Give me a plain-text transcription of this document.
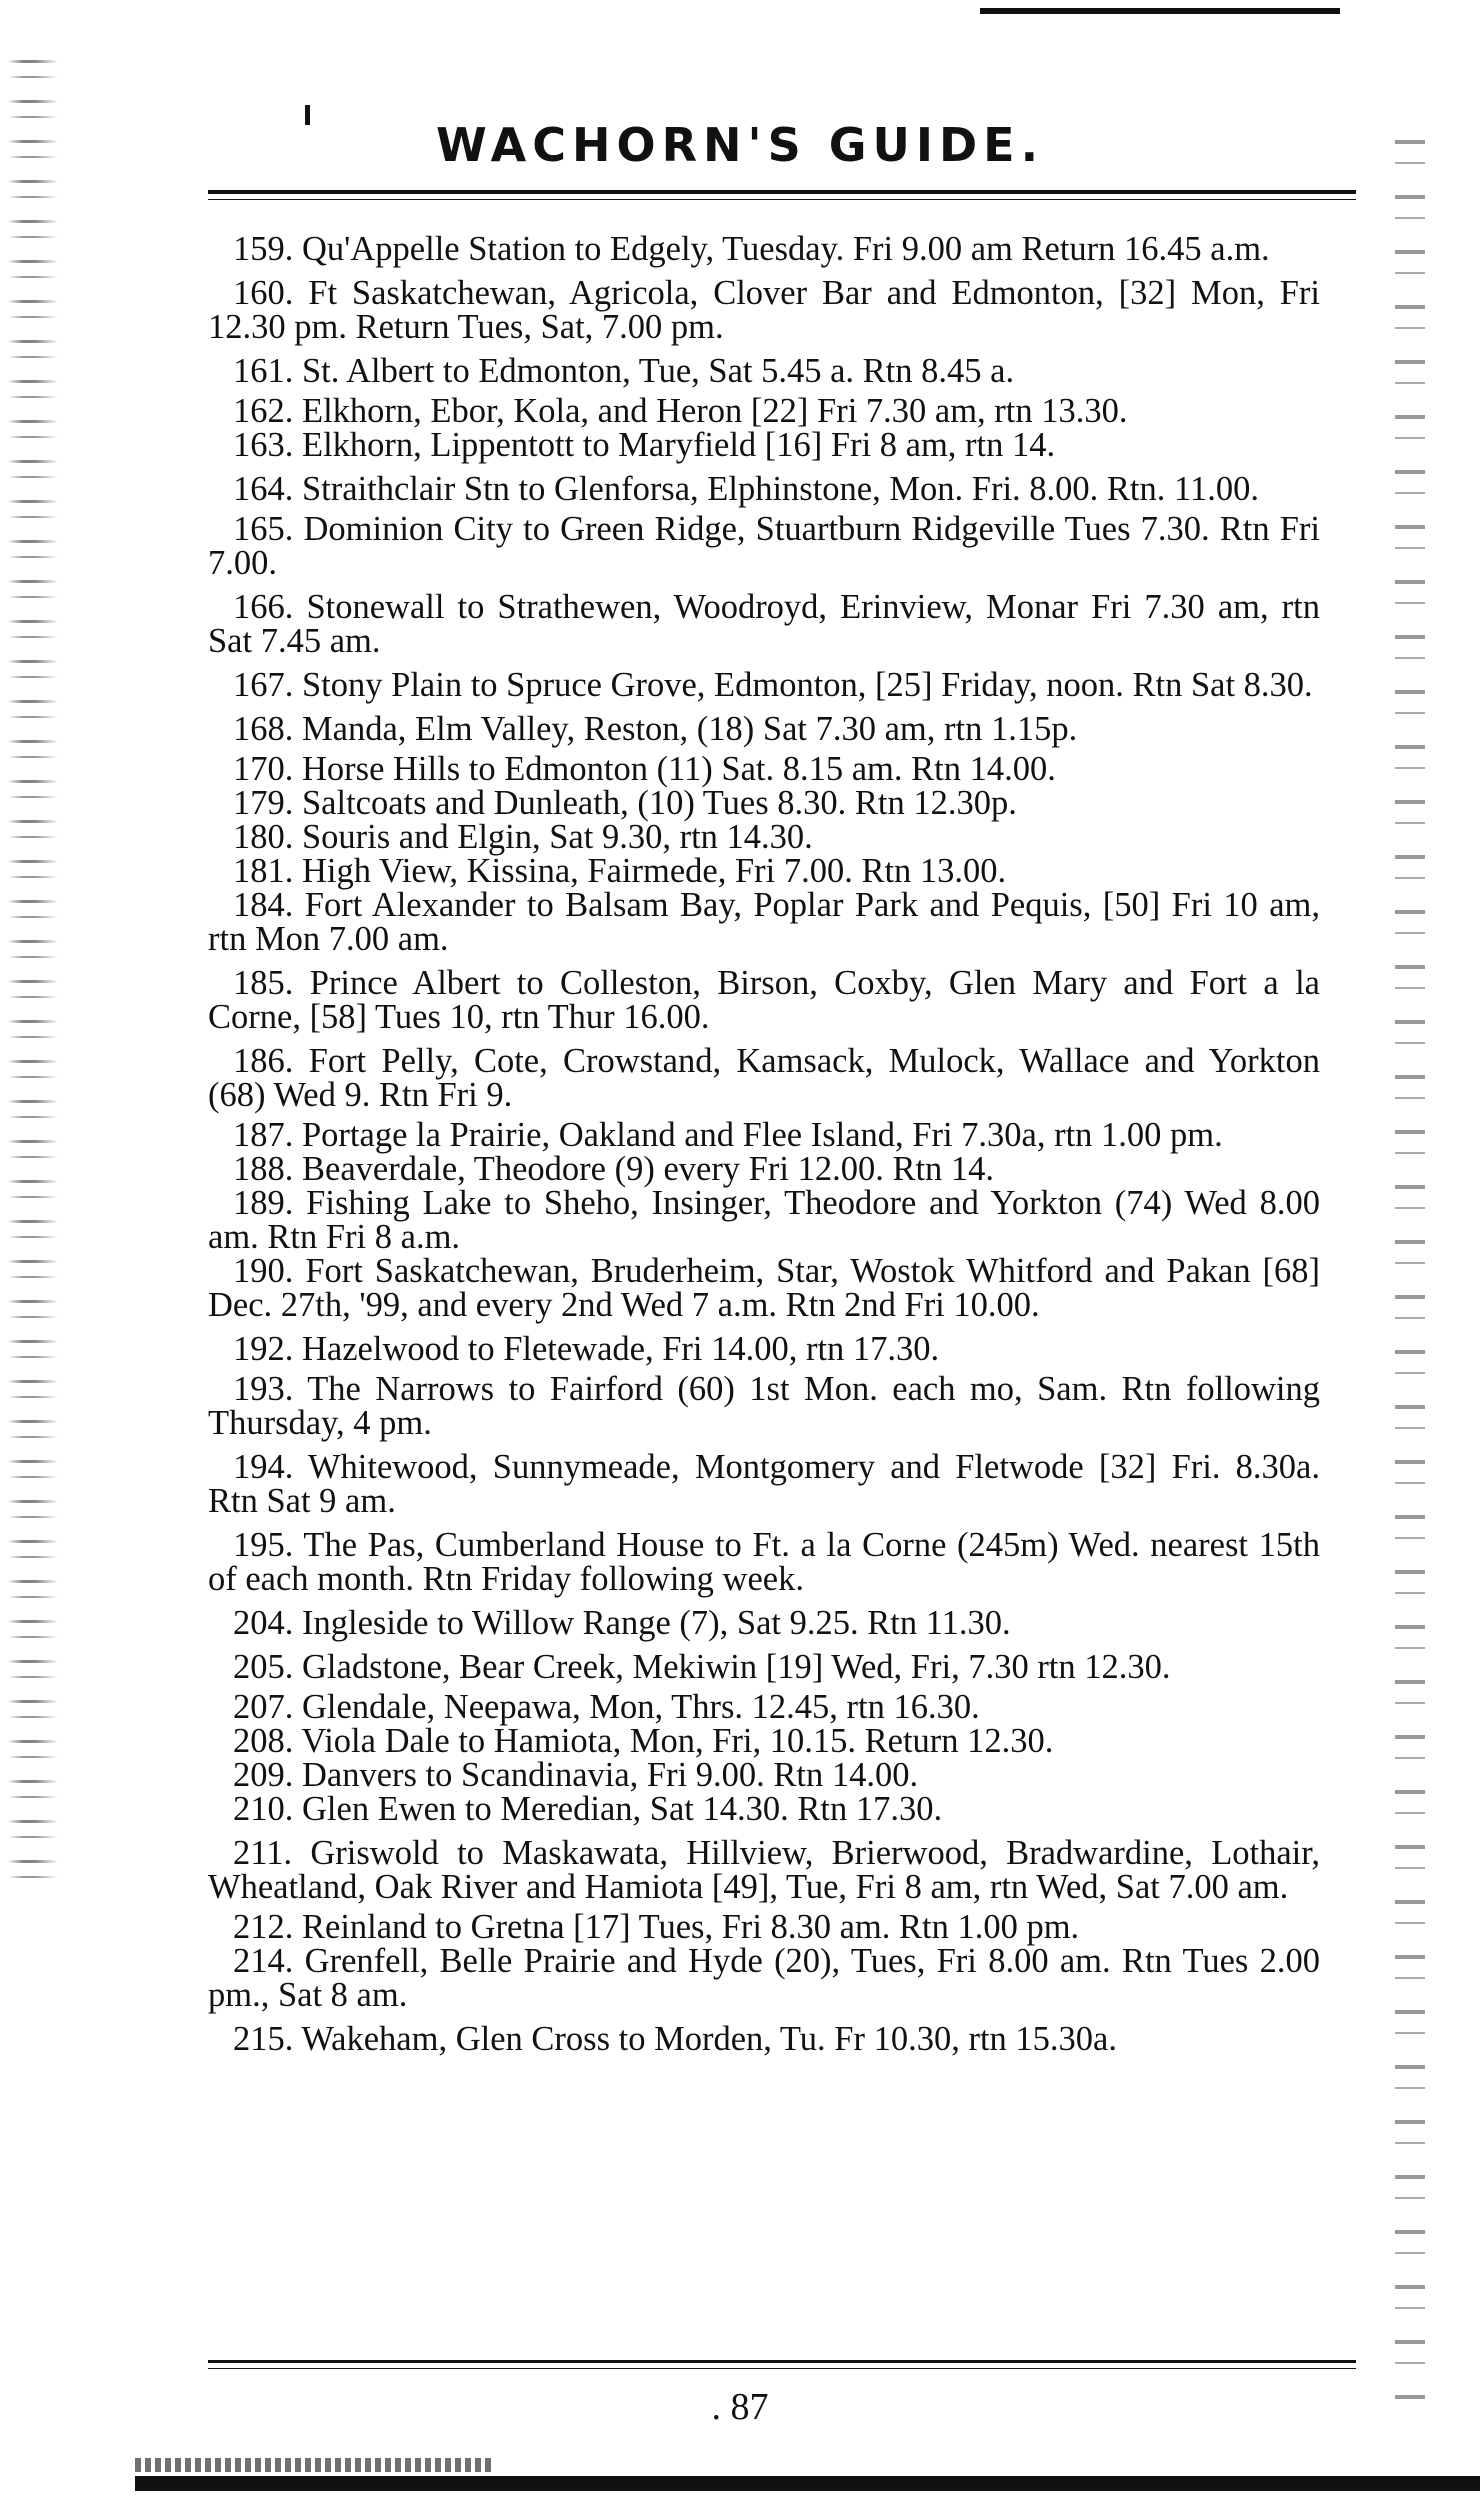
WACHORN'S GUIDE.

159. Qu'Appelle Station to Edgely, Tuesday. Fri 9.00 am Return 16.45 a.m.

160. Ft Saskatchewan, Agricola, Clover Bar and Edmonton, [32] Mon, Fri 12.30 pm. Return Tues, Sat, 7.00 pm.

161. St. Albert to Edmonton, Tue, Sat 5.45 a. Rtn 8.45 a.

162. Elkhorn, Ebor, Kola, and Heron [22] Fri 7.30 am, rtn 13.30.

163. Elkhorn, Lippentott to Maryfield [16] Fri 8 am, rtn 14.

164. Straithclair Stn to Glenforsa, Elphinstone, Mon. Fri. 8.00. Rtn. 11.00.

165. Dominion City to Green Ridge, Stuartburn Ridgeville Tues 7.30. Rtn Fri 7.00.

166. Stonewall to Strathewen, Woodroyd, Erinview, Monar Fri 7.30 am, rtn Sat 7.45 am.

167. Stony Plain to Spruce Grove, Edmonton, [25] Friday, noon. Rtn Sat 8.30.

168. Manda, Elm Valley, Reston, (18) Sat 7.30 am, rtn 1.15p.

170. Horse Hills to Edmonton (11) Sat. 8.15 am. Rtn 14.00.

179. Saltcoats and Dunleath, (10) Tues 8.30. Rtn 12.30p.

180. Souris and Elgin, Sat 9.30, rtn 14.30.

181. High View, Kissina, Fairmede, Fri 7.00. Rtn 13.00.

184. Fort Alexander to Balsam Bay, Poplar Park and Pequis, [50] Fri 10 am, rtn Mon 7.00 am.

185. Prince Albert to Colleston, Birson, Coxby, Glen Mary and Fort a la Corne, [58] Tues 10, rtn Thur 16.00.

186. Fort Pelly, Cote, Crowstand, Kamsack, Mulock, Wallace and Yorkton (68) Wed 9. Rtn Fri 9.

187. Portage la Prairie, Oakland and Flee Island, Fri 7.30a, rtn 1.00 pm.

188. Beaverdale, Theodore (9) every Fri 12.00. Rtn 14.

189. Fishing Lake to Sheho, Insinger, Theodore and Yorkton (74) Wed 8.00 am. Rtn Fri 8 a.m.

190. Fort Saskatchewan, Bruderheim, Star, Wostok Whitford and Pakan [68] Dec. 27th, '99, and every 2nd Wed 7 a.m. Rtn 2nd Fri 10.00.

192. Hazelwood to Fletewade, Fri 14.00, rtn 17.30.

193. The Narrows to Fairford (60) 1st Mon. each mo, Sam. Rtn following Thursday, 4 pm.

194. Whitewood, Sunnymeade, Montgomery and Fletwode [32] Fri. 8.30a. Rtn Sat 9 am.

195. The Pas, Cumberland House to Ft. a la Corne (245m) Wed. nearest 15th of each month. Rtn Friday following week.

204. Ingleside to Willow Range (7), Sat 9.25. Rtn 11.30.

205. Gladstone, Bear Creek, Mekiwin [19] Wed, Fri, 7.30 rtn 12.30.

207. Glendale, Neepawa, Mon, Thrs. 12.45, rtn 16.30.

208. Viola Dale to Hamiota, Mon, Fri, 10.15. Return 12.30.

209. Danvers to Scandinavia, Fri 9.00. Rtn 14.00.

210. Glen Ewen to Meredian, Sat 14.30. Rtn 17.30.

211. Griswold to Maskawata, Hillview, Brierwood, Bradwardine, Lothair, Wheatland, Oak River and Hamiota [49], Tue, Fri 8 am, rtn Wed, Sat 7.00 am.

212. Reinland to Gretna [17] Tues, Fri 8.30 am. Rtn 1.00 pm.

214. Grenfell, Belle Prairie and Hyde (20), Tues, Fri 8.00 am. Rtn Tues 2.00 pm., Sat 8 am.

215. Wakeham, Glen Cross to Morden, Tu. Fr 10.30, rtn 15.30a.

. 87
